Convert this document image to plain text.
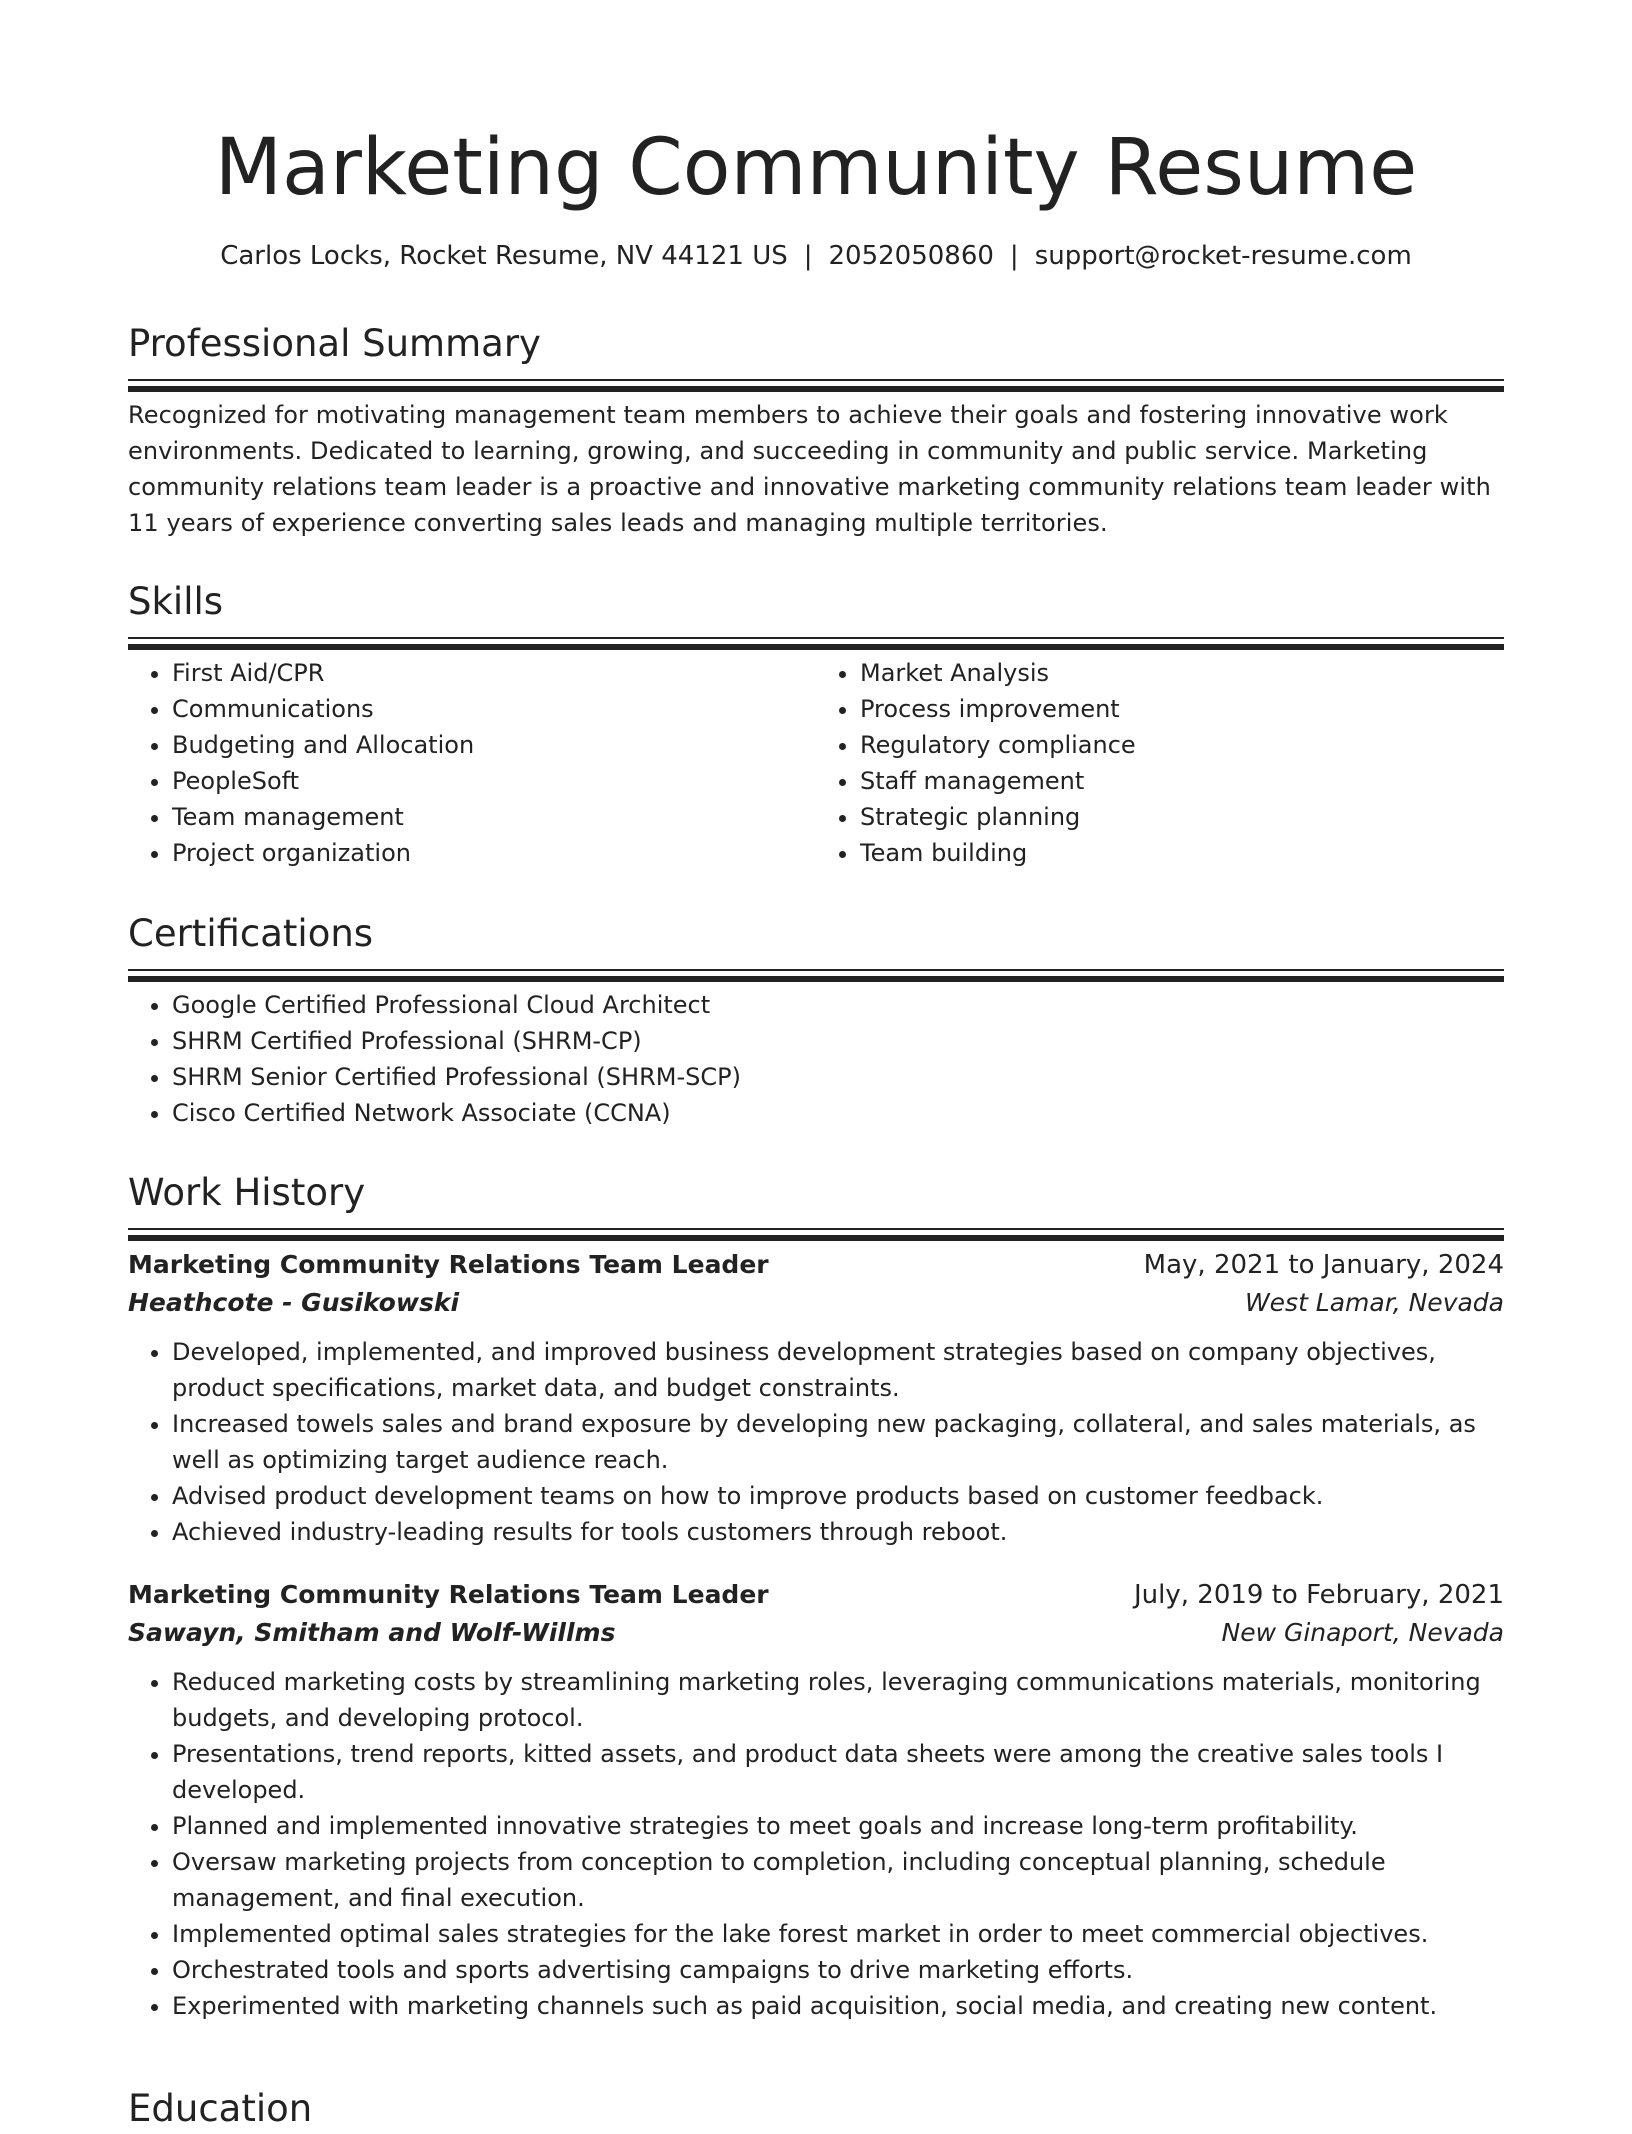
Marketing Community Resume
Carlos Locks, Rocket Resume, NV 44121 US | 2052050860 | support@rocket-resume.com
Professional Summary

Recognized for motivating management team members to achieve their goals and fostering innovative work environments. Dedicated to learning, growing, and succeeding in community and public service. Marketing community relations team leader is a proactive and innovative marketing community relations team leader with 11 years of experience converting sales leads and managing multiple territories.

Skills
• First Aid/CPR
• Communications
• Budgeting and Allocation
• PeopleSoft
• Team management
• Project organization
• Market Analysis
• Process improvement
• Regulatory compliance
• Staff management
• Strategic planning
• Team building
Certifications
• Google Certified Professional Cloud Architect
• SHRM Certified Professional (SHRM-CP)
• SHRM Senior Certified Professional (SHRM-SCP)
• Cisco Certified Network Associate (CCNA)
Work History
Marketing Community Relations Team Leader	May, 2021 to January, 2024
Heathcote - Gusikowski	West Lamar, Nevada
• Developed, implemented, and improved business development strategies based on company objectives, product specifications, market data, and budget constraints.
• Increased towels sales and brand exposure by developing new packaging, collateral, and sales materials, as well as optimizing target audience reach.
• Advised product development teams on how to improve products based on customer feedback.
• Achieved industry-leading results for tools customers through reboot.
Marketing Community Relations Team Leader	July, 2019 to February, 2021
Sawayn, Smitham and Wolf-Willms	New Ginaport, Nevada
• Reduced marketing costs by streamlining marketing roles, leveraging communications materials, monitoring budgets, and developing protocol.
• Presentations, trend reports, kitted assets, and product data sheets were among the creative sales tools I developed.
• Planned and implemented innovative strategies to meet goals and increase long-term profitability.
• Oversaw marketing projects from conception to completion, including conceptual planning, schedule management, and final execution.
• Implemented optimal sales strategies for the lake forest market in order to meet commercial objectives.
• Orchestrated tools and sports advertising campaigns to drive marketing efforts.
• Experimented with marketing channels such as paid acquisition, social media, and creating new content.
Education
